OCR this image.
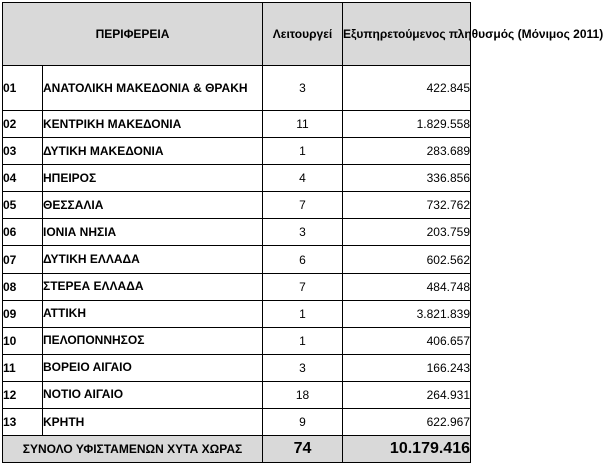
ΠΕΡΙΦΕΡΕΙΑ		Λειτουργεί	Εξυπηρετούμενος πληθυσμός (Μόνιμος 2011)
01	ΑΝΑΤΟΛΙΚΗ ΜΑΚΕΔΟΝΙΑ & ΘΡΑΚΗ	3	422.845
02	ΚΕΝΤΡΙΚΗ ΜΑΚΕΔΟΝΙΑ	11	1.829.558
03	ΔΥΤΙΚΗ ΜΑΚΕΔΟΝΙΑ	1	283.689
04	ΗΠΕΙΡΟΣ	4	336.856
05	ΘΕΣΣΑΛΙΑ	7	732.762
06	ΙΟΝΙΑ ΝΗΣΙΑ	3	203.759
07	ΔΥΤΙΚΗ ΕΛΛΑΔΑ	6	602.562
08	ΣΤΕΡΕΑ ΕΛΛΑΔΑ	7	484.748
09	ΑΤΤΙΚΗ	1	3.821.839
10	ΠΕΛΟΠΟΝΝΗΣΟΣ	1	406.657
11	ΒΟΡΕΙΟ ΑΙΓΑΙΟ	3	166.243
12	ΝΟΤΙΟ ΑΙΓΑΙΟ	18	264.931
13	ΚΡΗΤΗ	9	622.967
ΣΥΝΟΛΟ ΥΦΙΣΤΑΜΕΝΩΝ ΧΥΤΑ ΧΩΡΑΣ		74	10.179.416
